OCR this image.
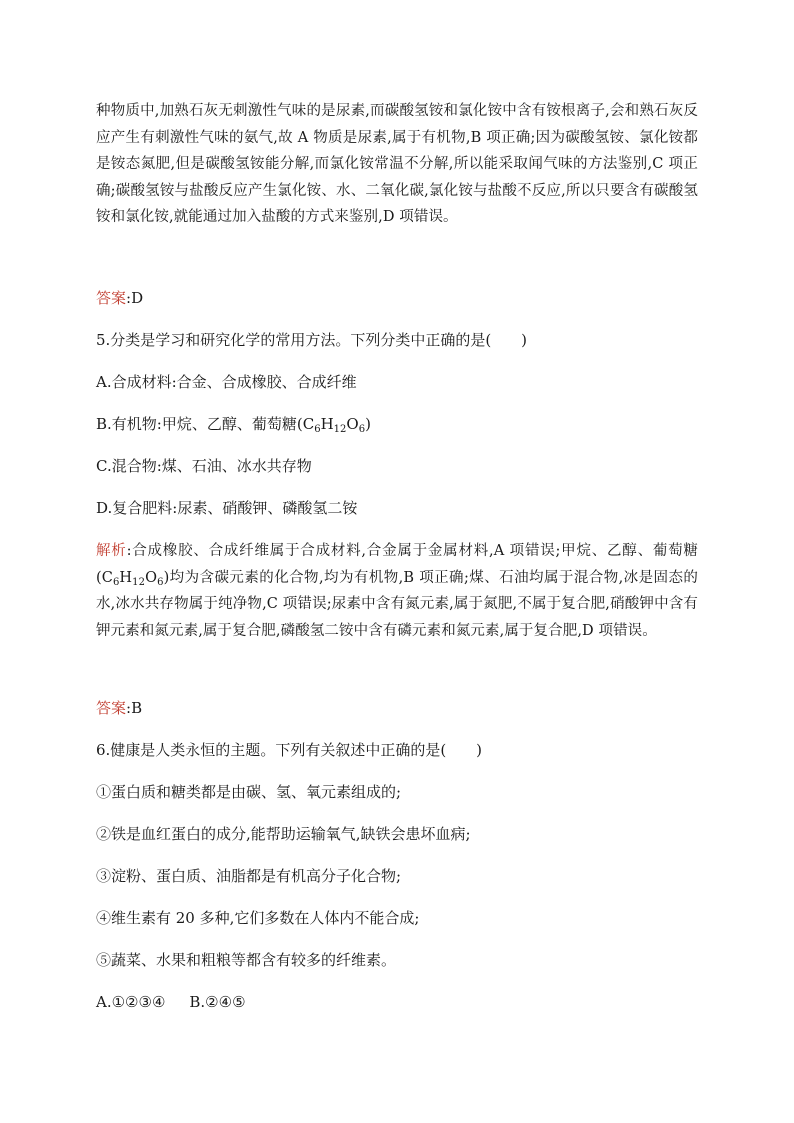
种物质中,加熟石灰无刺激性气味的是尿素,而碳酸氢铵和氯化铵中含有铵根离子,会和熟石灰反应产生有刺激性气味的氨气,故 A 物质是尿素,属于有机物,B 项正确;因为碳酸氢铵、氯化铵都是铵态氮肥,但是碳酸氢铵能分解,而氯化铵常温不分解,所以能采取闻气味的方法鉴别,C 项正确;碳酸氢铵与盐酸反应产生氯化铵、水、二氧化碳,氯化铵与盐酸不反应,所以只要含有碳酸氢铵和氯化铵,就能通过加入盐酸的方式来鉴别,D 项错误。

答案:D

5.分类是学习和研究化学的常用方法。下列分类中正确的是(　　)

A.合成材料:合金、合成橡胶、合成纤维

B.有机物:甲烷、乙醇、葡萄糖$(C_6H_{12}O_6)$

C.混合物:煤、石油、冰水共存物

D.复合肥料:尿素、硝酸钾、磷酸氢二铵

解析:合成橡胶、合成纤维属于合成材料,合金属于金属材料,A 项错误;甲烷、乙醇、葡萄糖$(C_6H_{12}O_6)$均为含碳元素的化合物,均为有机物,B 项正确;煤、石油均属于混合物,冰是固态的水,冰水共存物属于纯净物,C 项错误;尿素中含有氮元素,属于氮肥,不属于复合肥,硝酸钾中含有钾元素和氮元素,属于复合肥,磷酸氢二铵中含有磷元素和氮元素,属于复合肥,D 项错误。

答案:B

6.健康是人类永恒的主题。下列有关叙述中正确的是(　　)

①蛋白质和糖类都是由碳、氢、氧元素组成的;

②铁是血红蛋白的成分,能帮助运输氧气,缺铁会患坏血病;

③淀粉、蛋白质、油脂都是有机高分子化合物;

④维生素有 20 多种,它们多数在人体内不能合成;

⑤蔬菜、水果和粗粮等都含有较多的纤维素。

A.①②③④ B.②④⑤
